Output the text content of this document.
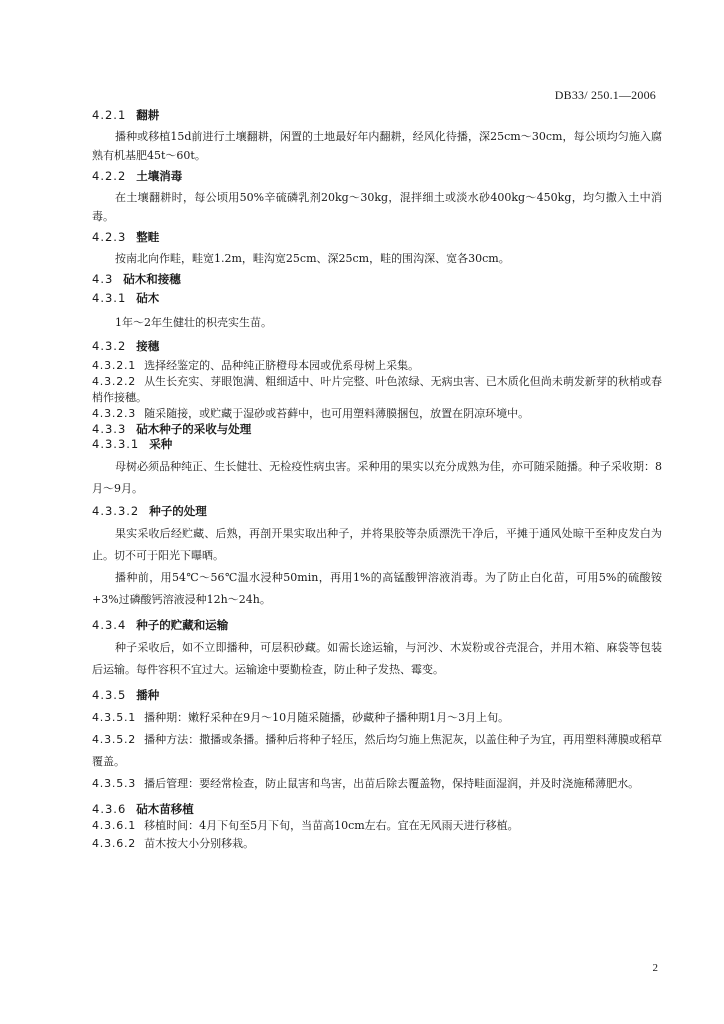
DB33/ 250.1—2006
4.2.1 翻耕

播种或移植15d前进行土壤翻耕，闲置的土地最好年内翻耕，经风化待播，深25cm～30cm，每公顷均匀施入腐熟有机基肥45t～60t。

4.2.2 土壤消毒

在土壤翻耕时，每公顷用50%辛硫磷乳剂20kg～30kg，混拌细土或淡水砂400kg～450kg，均匀撒入土中消毒。

4.2.3 整畦

按南北向作畦，畦宽1.2m，畦沟宽25cm、深25cm，畦的围沟深、宽各30cm。

4.3 砧木和接穗
4.3.1 砧木

1年～2年生健壮的枳壳实生苗。

4.3.2 接穗

4.3.2.1 选择经鉴定的、品种纯正脐橙母本园或优系母树上采集。

4.3.2.2 从生长充实、芽眼饱满、粗细适中、叶片完整、叶色浓绿、无病虫害、已木质化但尚未萌发新芽的秋梢或春梢作接穗。

4.3.2.3 随采随接，或贮藏于湿砂或苔藓中，也可用塑料薄膜捆包，放置在阴凉环境中。

4.3.3 砧木种子的采收与处理
4.3.3.1 采种

母树必须品种纯正、生长健壮、无检疫性病虫害。采种用的果实以充分成熟为佳，亦可随采随播。种子采收期：8月～9月。

4.3.3.2 种子的处理

果实采收后经贮藏、后熟，再剖开果实取出种子，并将果胶等杂质漂洗干净后，平摊于通风处晾干至种皮发白为止。切不可于阳光下曝晒。

播种前，用54℃～56℃温水浸种50min，再用1%的高锰酸钾溶液消毒。为了防止白化苗，可用5%的硫酸铵+3%过磷酸钙溶液浸种12h～24h。

4.3.4 种子的贮藏和运输

种子采收后，如不立即播种，可层积砂藏。如需长途运输，与河沙、木炭粉或谷壳混合，并用木箱、麻袋等包装后运输。每件容积不宜过大。运输途中要勤检查，防止种子发热、霉变。

4.3.5 播种

4.3.5.1 播种期：嫩籽采种在9月～10月随采随播，砂藏种子播种期1月～3月上旬。

4.3.5.2 播种方法：撒播或条播。播种后将种子轻压，然后均匀施上焦泥灰，以盖住种子为宜，再用塑料薄膜或稻草覆盖。

4.3.5.3 播后管理：要经常检查，防止鼠害和鸟害，出苗后除去覆盖物，保持畦面湿润，并及时浇施稀薄肥水。

4.3.6 砧木苗移植

4.3.6.1 移植时间：4月下旬至5月下旬，当苗高10cm左右。宜在无风雨天进行移植。

4.3.6.2 苗木按大小分别移栽。

2
